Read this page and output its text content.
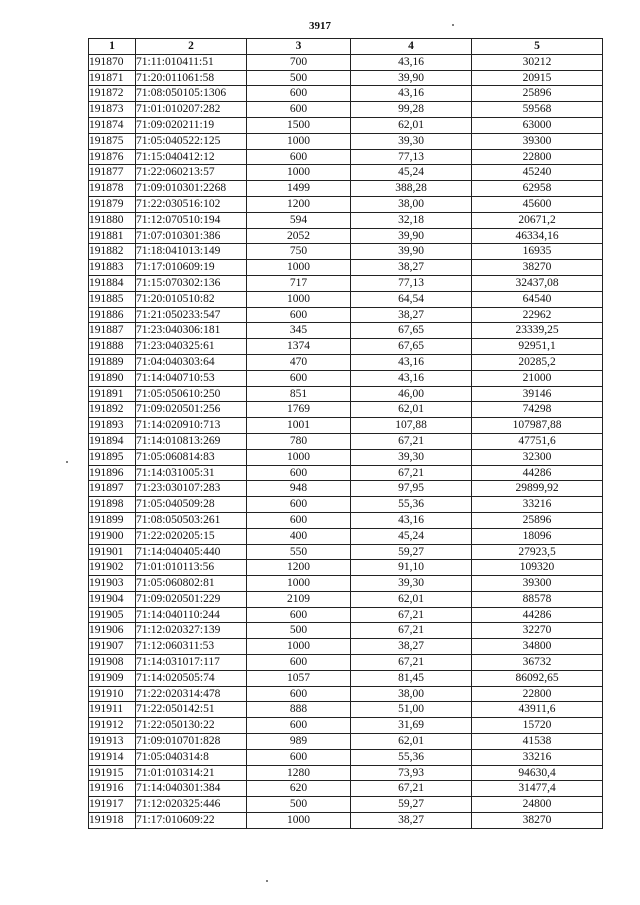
3917
1	2	3	4	5
191870	71:11:010411:51	700	43,16	30212
191871	71:20:011061:58	500	39,90	20915
191872	71:08:050105:1306	600	43,16	25896
191873	71:01:010207:282	600	99,28	59568
191874	71:09:020211:19	1500	62,01	63000
191875	71:05:040522:125	1000	39,30	39300
191876	71:15:040412:12	600	77,13	22800
191877	71:22:060213:57	1000	45,24	45240
191878	71:09:010301:2268	1499	388,28	62958
191879	71:22:030516:102	1200	38,00	45600
191880	71:12:070510:194	594	32,18	20671,2
191881	71:07:010301:386	2052	39,90	46334,16
191882	71:18:041013:149	750	39,90	16935
191883	71:17:010609:19	1000	38,27	38270
191884	71:15:070302:136	717	77,13	32437,08
191885	71:20:010510:82	1000	64,54	64540
191886	71:21:050233:547	600	38,27	22962
191887	71:23:040306:181	345	67,65	23339,25
191888	71:23:040325:61	1374	67,65	92951,1
191889	71:04:040303:64	470	43,16	20285,2
191890	71:14:040710:53	600	43,16	21000
191891	71:05:050610:250	851	46,00	39146
191892	71:09:020501:256	1769	62,01	74298
191893	71:14:020910:713	1001	107,88	107987,88
191894	71:14:010813:269	780	67,21	47751,6
191895	71:05:060814:83	1000	39,30	32300
191896	71:14:031005:31	600	67,21	44286
191897	71:23:030107:283	948	97,95	29899,92
191898	71:05:040509:28	600	55,36	33216
191899	71:08:050503:261	600	43,16	25896
191900	71:22:020205:15	400	45,24	18096
191901	71:14:040405:440	550	59,27	27923,5
191902	71:01:010113:56	1200	91,10	109320
191903	71:05:060802:81	1000	39,30	39300
191904	71:09:020501:229	2109	62,01	88578
191905	71:14:040110:244	600	67,21	44286
191906	71:12:020327:139	500	67,21	32270
191907	71:12:060311:53	1000	38,27	34800
191908	71:14:031017:117	600	67,21	36732
191909	71:14:020505:74	1057	81,45	86092,65
191910	71:22:020314:478	600	38,00	22800
191911	71:22:050142:51	888	51,00	43911,6
191912	71:22:050130:22	600	31,69	15720
191913	71:09:010701:828	989	62,01	41538
191914	71:05:040314:8	600	55,36	33216
191915	71:01:010314:21	1280	73,93	94630,4
191916	71:14:040301:384	620	67,21	31477,4
191917	71:12:020325:446	500	59,27	24800
191918	71:17:010609:22	1000	38,27	38270
